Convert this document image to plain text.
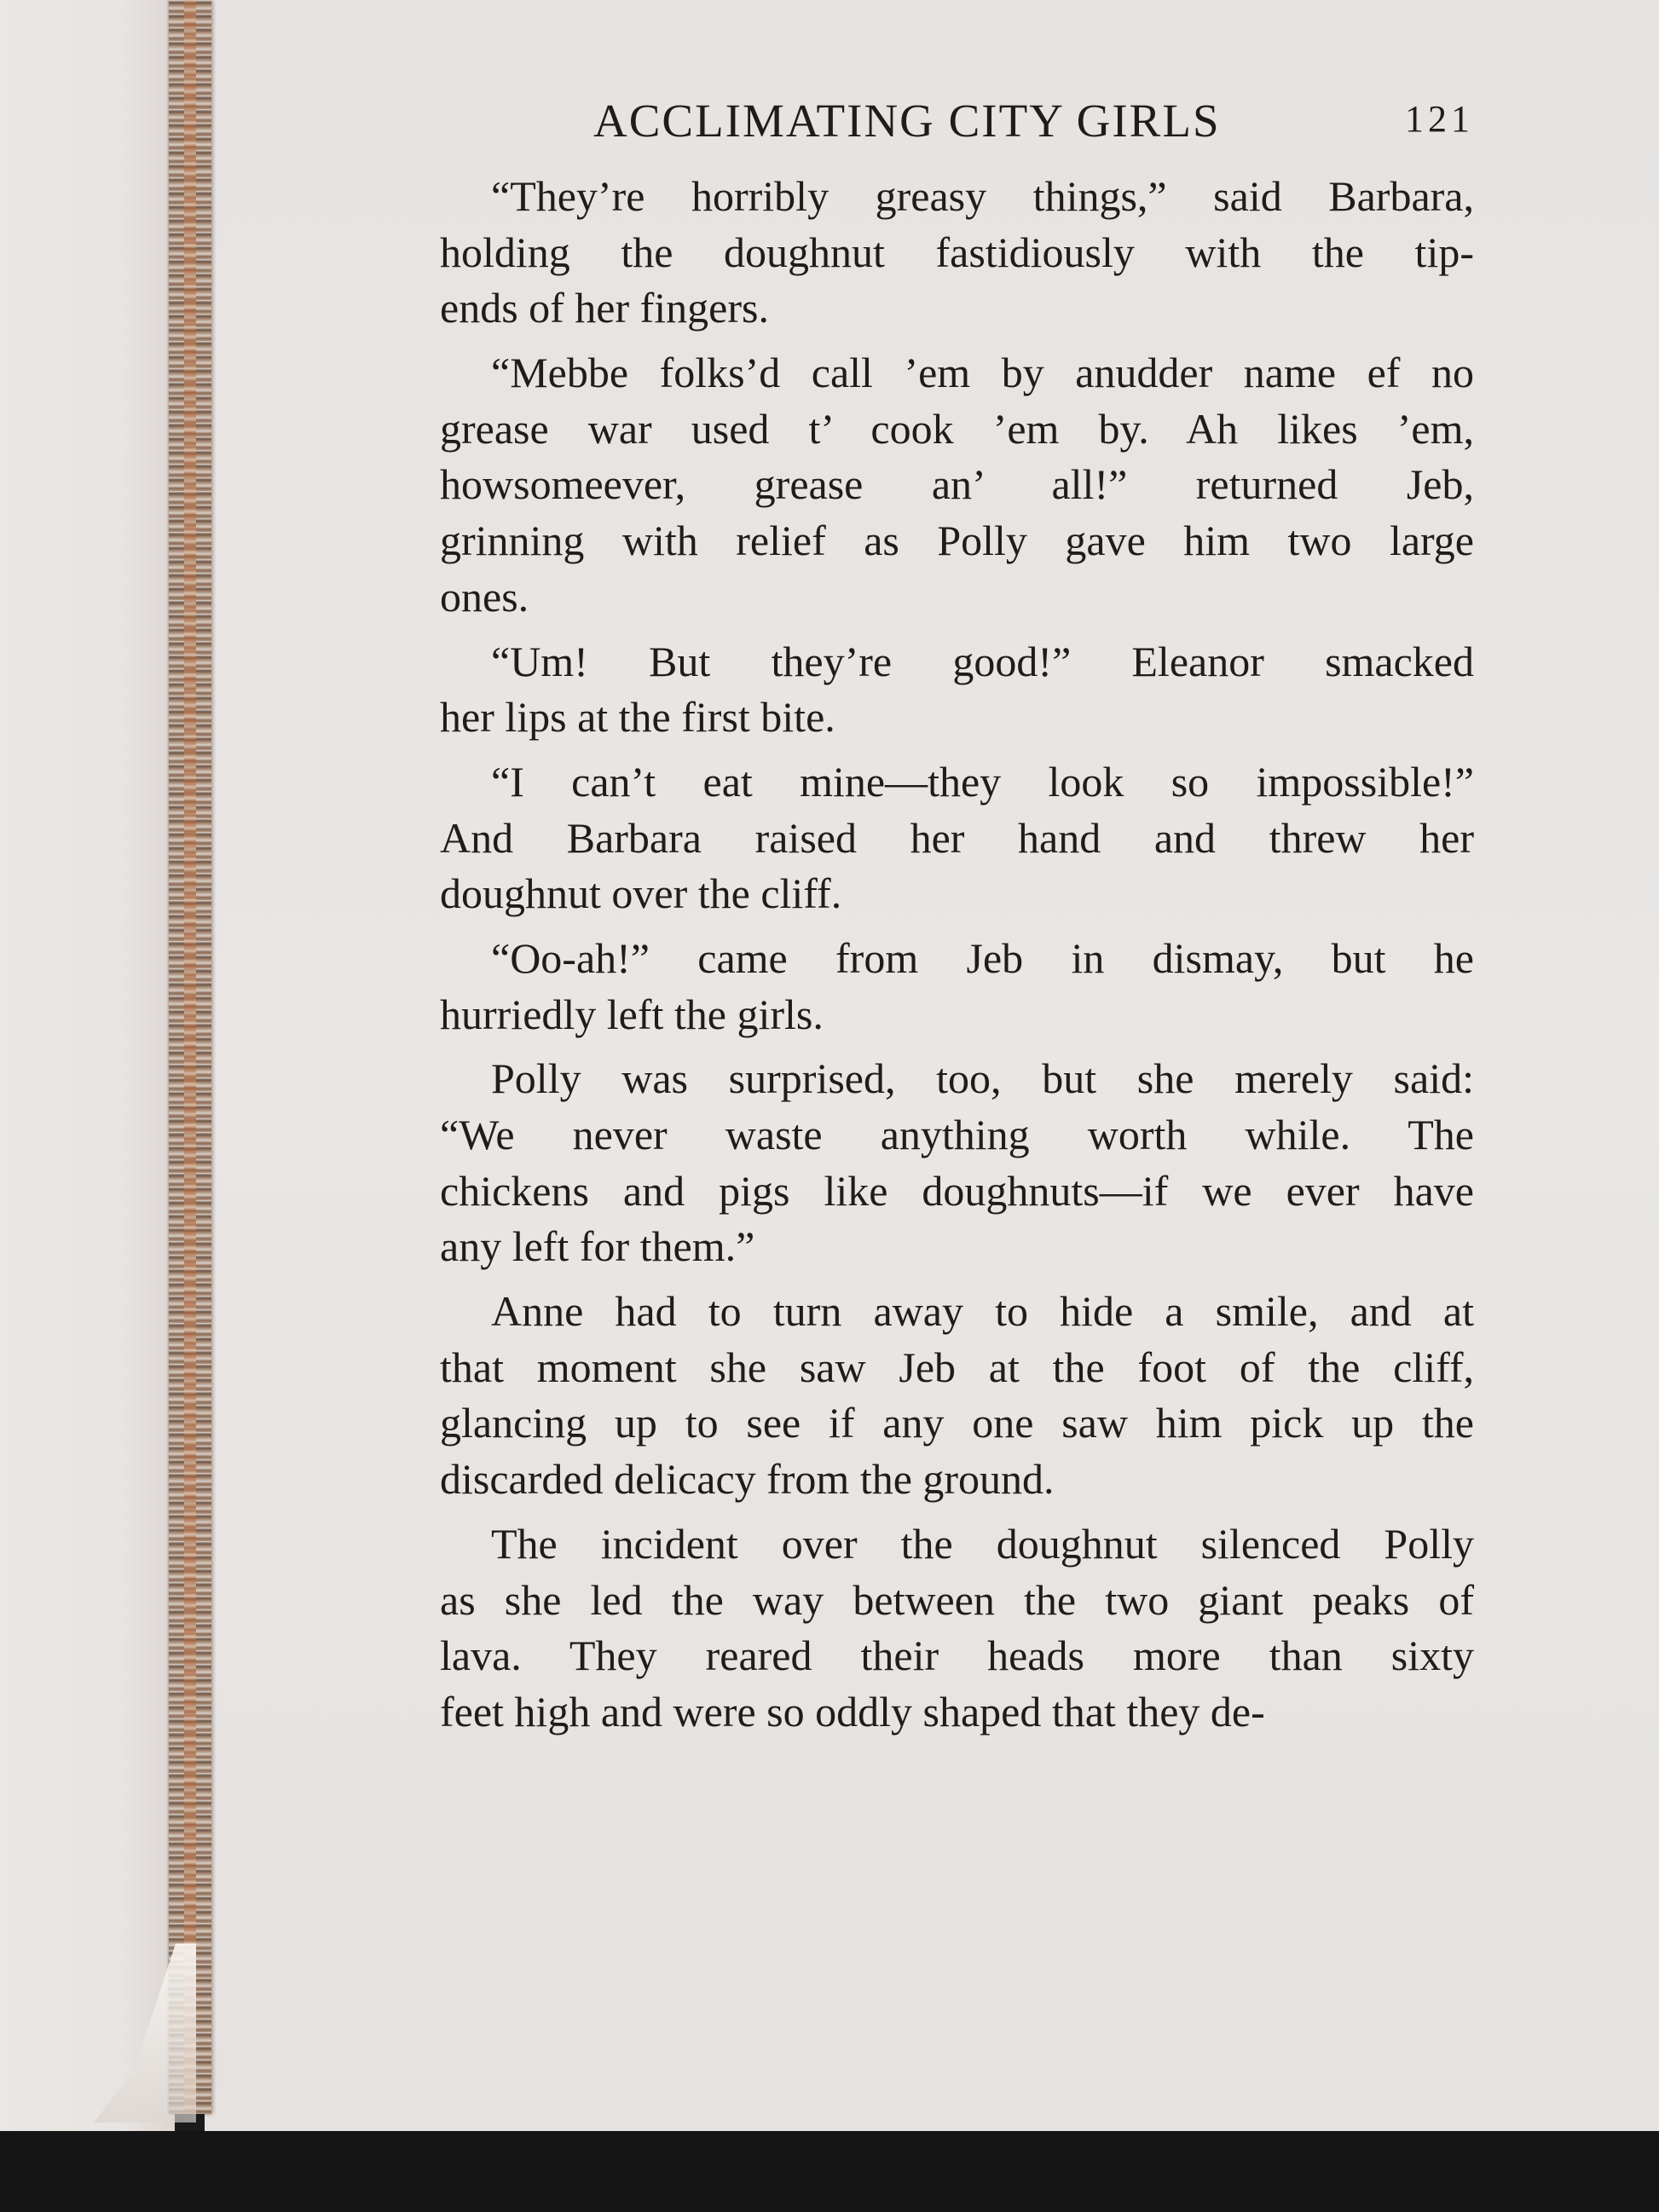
ACCLIMATING CITY GIRLS	121
“They’re horribly greasy things,” said Barbara,
holding the doughnut fastidiously with the tip-
ends of her fingers.
“Mebbe folks’d call ’em by anudder name ef no
grease war used t’ cook ’em by. Ah likes ’em,
howsomeever, grease an’ all!” returned Jeb,
grinning with relief as Polly gave him two large
ones.
“Um! But they’re good!” Eleanor smacked
her lips at the first bite.
“I can’t eat mine—they look so impossible!”
And Barbara raised her hand and threw her
doughnut over the cliff.
“Oo-ah!” came from Jeb in dismay, but he
hurriedly left the girls.
Polly was surprised, too, but she merely said:
“We never waste anything worth while. The
chickens and pigs like doughnuts—if we ever have
any left for them.”
Anne had to turn away to hide a smile, and at
that moment she saw Jeb at the foot of the cliff,
glancing up to see if any one saw him pick up the
discarded delicacy from the ground.
The incident over the doughnut silenced Polly
as she led the way between the two giant peaks of
lava. They reared their heads more than sixty
feet high and were so oddly shaped that they de-
